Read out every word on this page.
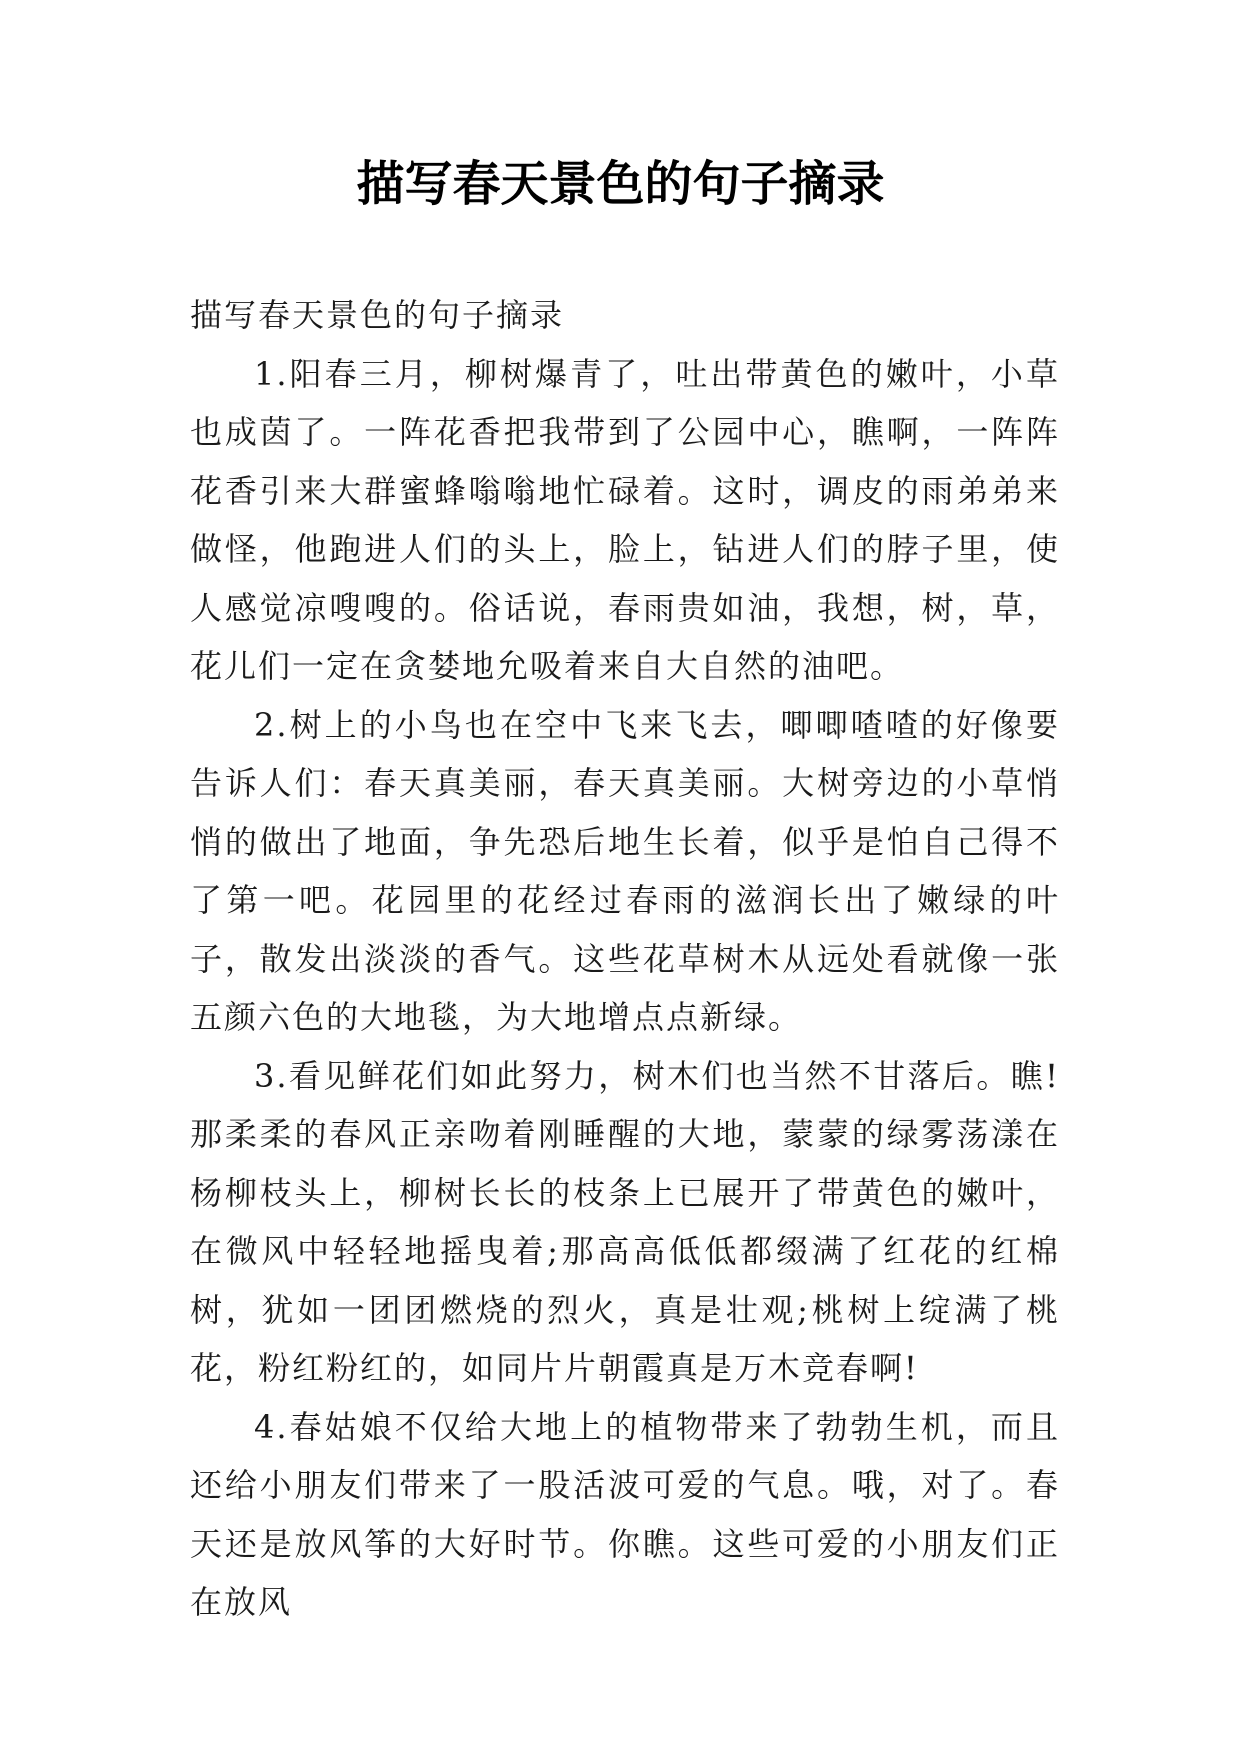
描写春天景色的句子摘录

描写春天景色的句子摘录

1.阳春三月，柳树爆青了，吐出带黄色的嫩叶，小草也成茵了。一阵花香把我带到了公园中心，瞧啊，一阵阵花香引来大群蜜蜂嗡嗡地忙碌着。这时，调皮的雨弟弟来做怪，他跑进人们的头上，脸上，钻进人们的脖子里，使人感觉凉嗖嗖的。俗话说，春雨贵如油，我想，树，草，花儿们一定在贪婪地允吸着来自大自然的油吧。

2.树上的小鸟也在空中飞来飞去，唧唧喳喳的好像要告诉人们：春天真美丽，春天真美丽。大树旁边的小草悄悄的做出了地面，争先恐后地生长着，似乎是怕自己得不了第一吧。花园里的花经过春雨的滋润长出了嫩绿的叶子，散发出淡淡的香气。这些花草树木从远处看就像一张五颜六色的大地毯，为大地增点点新绿。

3.看见鲜花们如此努力，树木们也当然不甘落后。瞧!那柔柔的春风正亲吻着刚睡醒的大地，蒙蒙的绿雾荡漾在杨柳枝头上，柳树长长的枝条上已展开了带黄色的嫩叶，在微风中轻轻地摇曳着;那高高低低都缀满了红花的红棉树，犹如一团团燃烧的烈火，真是壮观;桃树上绽满了桃花，粉红粉红的，如同片片朝霞真是万木竞春啊!

4.春姑娘不仅给大地上的植物带来了勃勃生机，而且还给小朋友们带来了一股活波可爱的气息。哦，对了。春天还是放风筝的大好时节。你瞧。这些可爱的小朋友们正在放风
